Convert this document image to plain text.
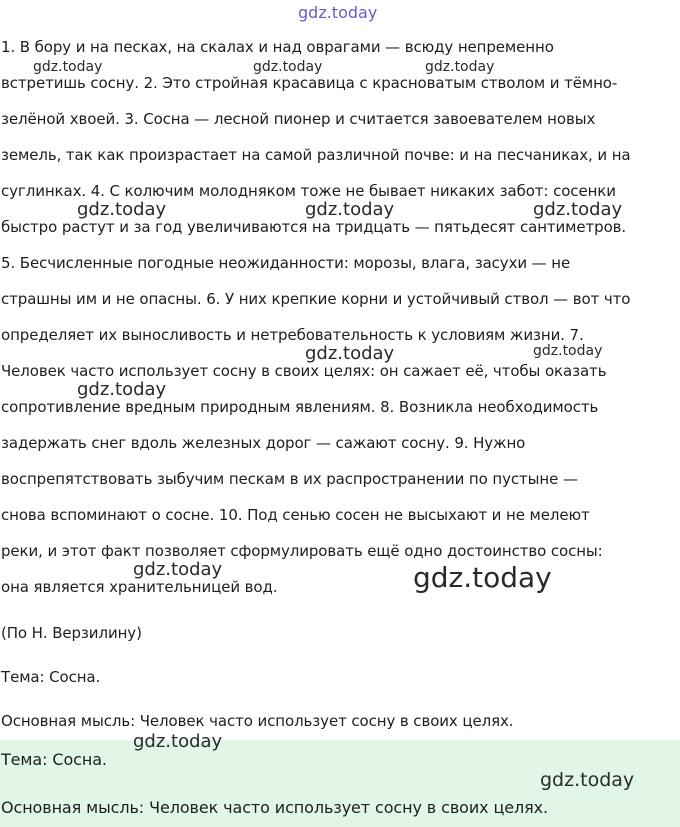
gdz.today
1. В бору и на песках, на скалах и над оврагами — всюду непременно
встретишь сосну. 2. Это стройная красавица с красноватым стволом и тёмно-
зелёной хвоей. 3. Сосна — лесной пионер и считается завоевателем новых
земель, так как произрастает на самой различной почве: и на песчаниках, и на
суглинках. 4. С колючим молодняком тоже не бывает никаких забот: сосенки
быстро растут и за год увеличиваются на тридцать — пятьдесят сантиметров.
5. Бесчисленные погодные неожиданности: морозы, влага, засухи — не
страшны им и не опасны. 6. У них крепкие корни и устойчивый ствол — вот что
определяет их выносливость и нетребовательность к условиям жизни. 7.
Человек часто использует сосну в своих целях: он сажает её, чтобы оказать
сопротивление вредным природным явлениям. 8. Возникла необходимость
задержать снег вдоль железных дорог — сажают сосну. 9. Нужно
воспрепятствовать зыбучим пескам в их распространении по пустыне —
снова вспоминают о сосне. 10. Под сенью сосен не высыхают и не мелеют
реки, и этот факт позволяет сформулировать ещё одно достоинство сосны:
она является хранительницей вод.
(По Н. Верзилину)
Тема: Сосна.
Основная мысль: Человек часто использует сосну в своих целях.
Тема: Сосна.
Основная мысль: Человек часто использует сосну в своих целях.
gdz.today	gdz.today	gdz.today
gdz.today	gdz.today	gdz.today
gdz.today	gdz.today
gdz.today
gdz.today	gdz.today
gdz.today
gdz.today
